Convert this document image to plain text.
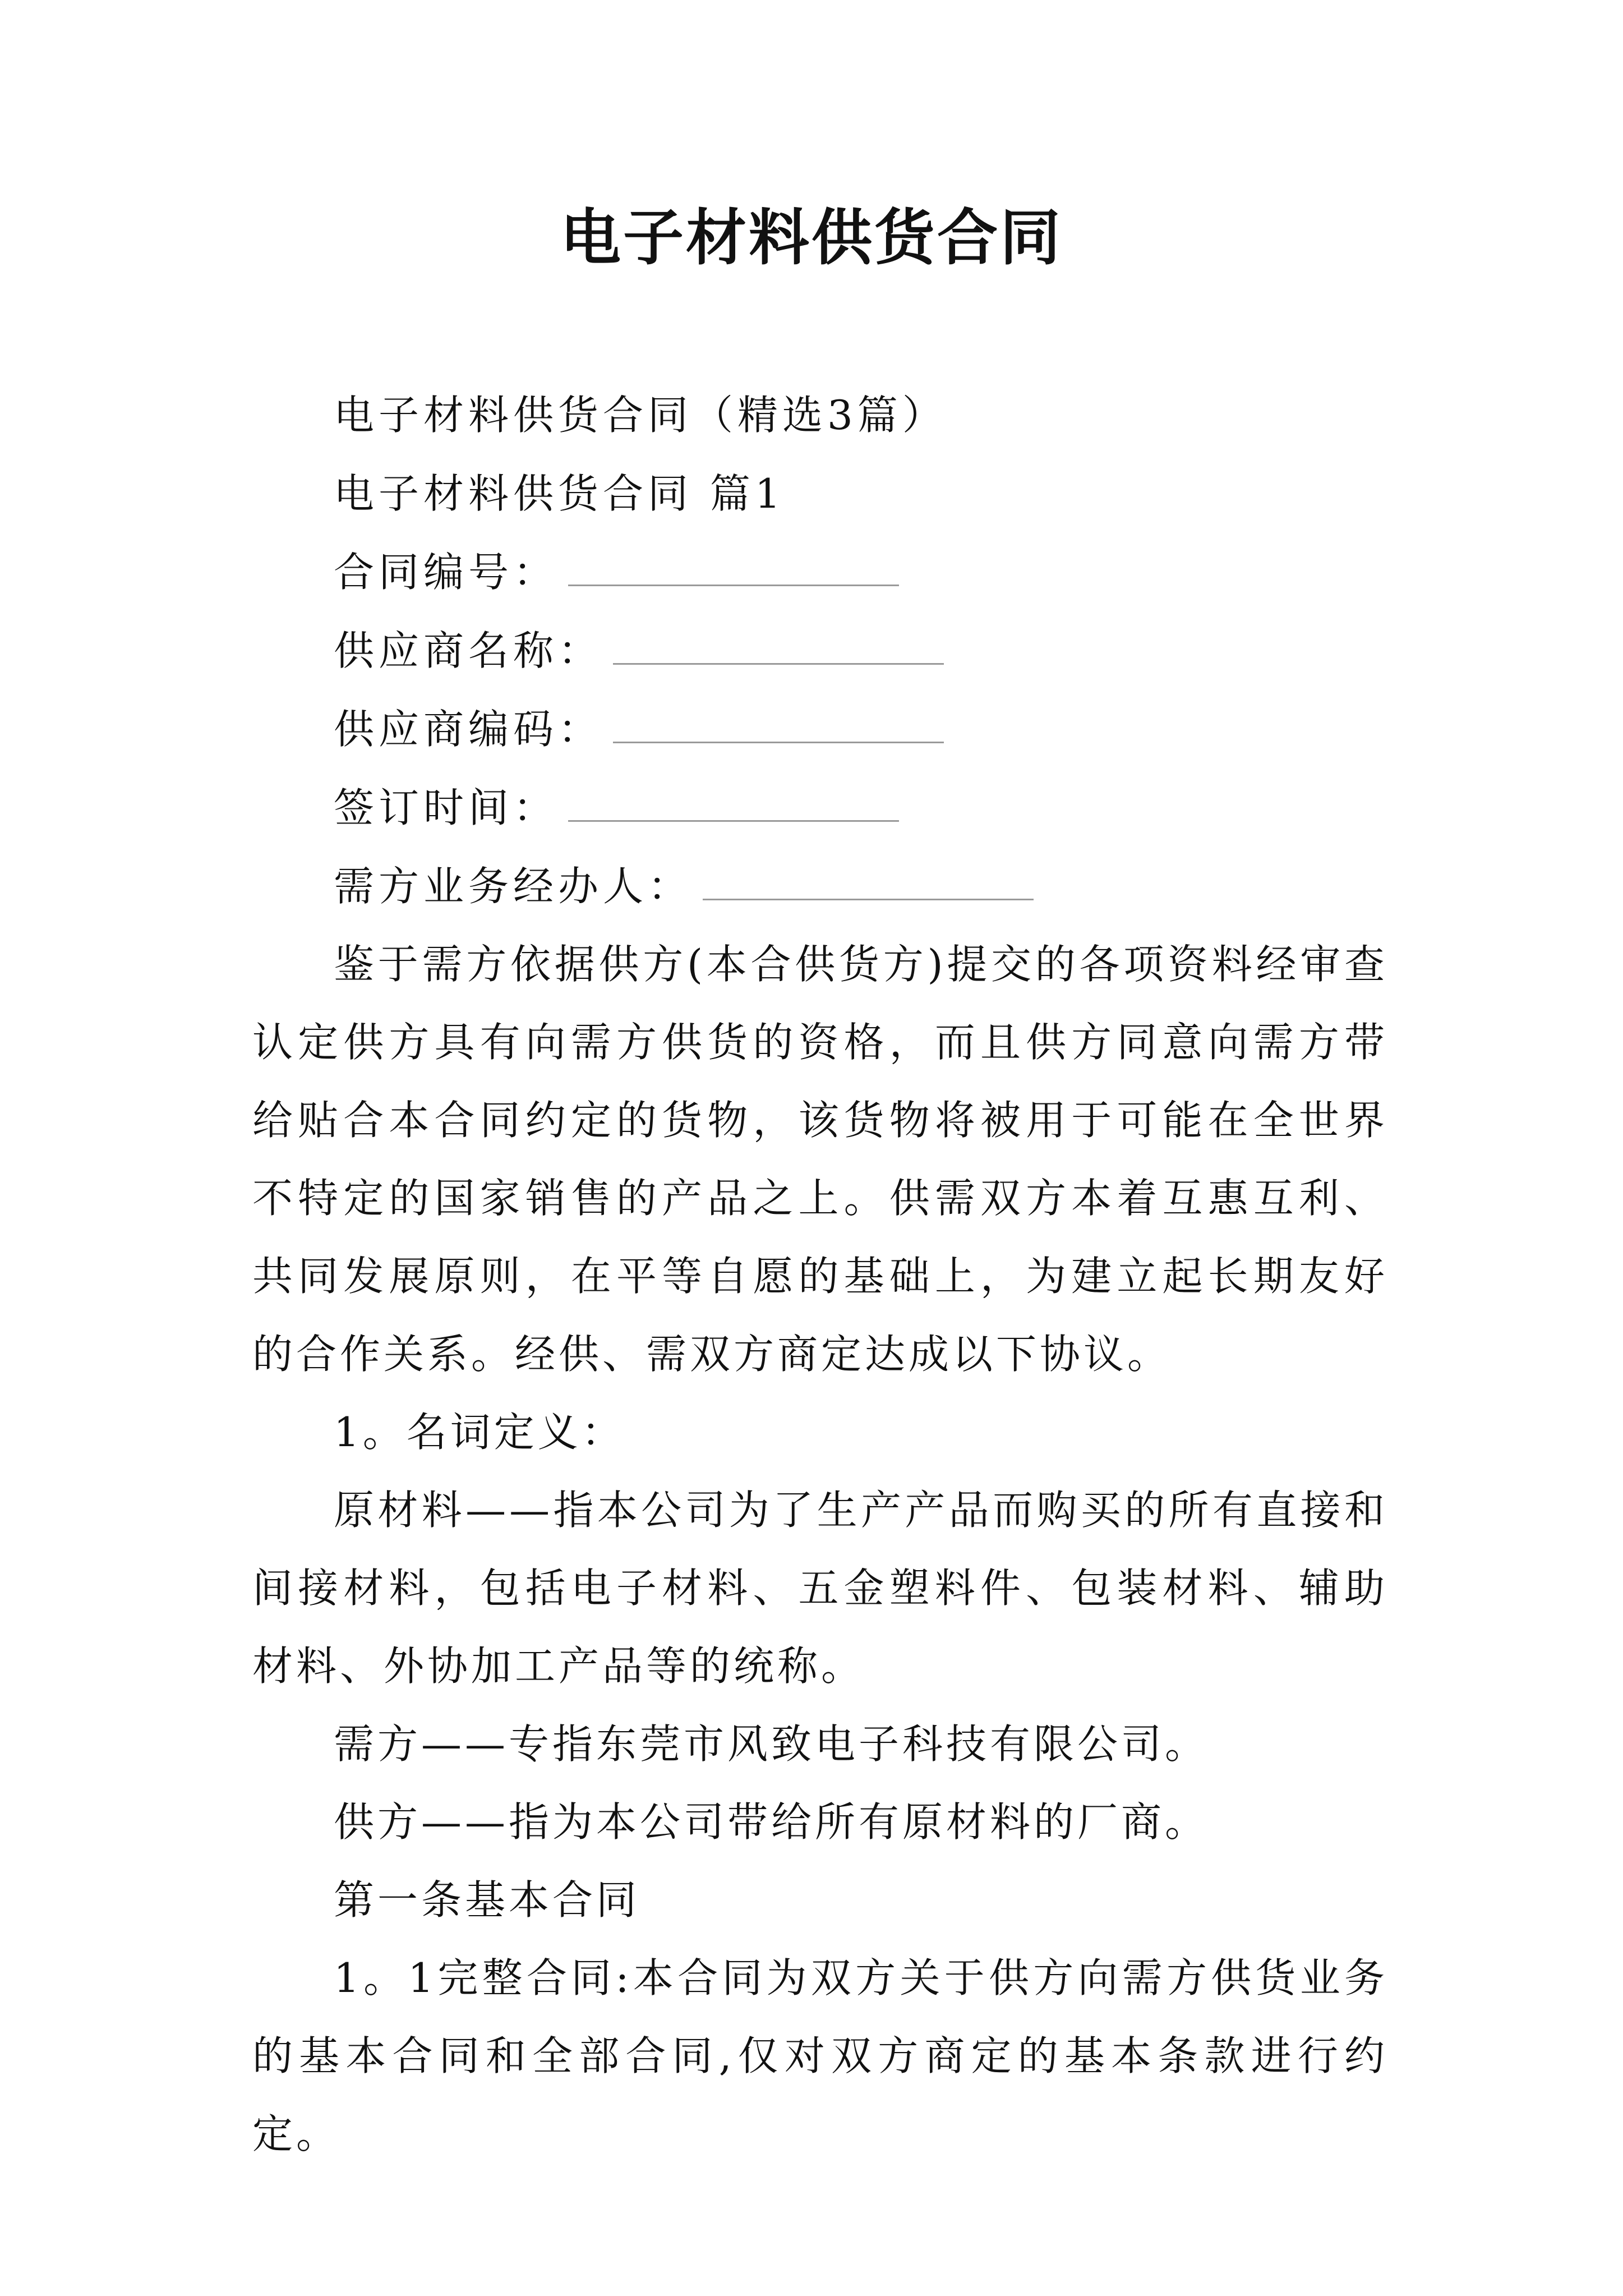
电子材料供货合同
电子材料供货合同（精选3篇）
电子材料供货合同 篇1
合同编号：
供应商名称：
供应商编码：
签订时间：
需方业务经办人：

鉴于需方依据供方(本合供货方)提交的各项资料经审查认定供方具有向需方供货的资格，而且供方同意向需方带给贴合本合同约定的货物，该货物将被用于可能在全世界不特定的国家销售的产品之上。供需双方本着互惠互利、共同发展原则，在平等自愿的基础上，为建立起长期友好的合作关系。经供、需双方商定达成以下协议。

1。名词定义：

原材料——指本公司为了生产产品而购买的所有直接和间接材料，包括电子材料、五金塑料件、包装材料、辅助材料、外协加工产品等的统称。

需方——专指东莞市风致电子科技有限公司。

供方——指为本公司带给所有原材料的厂商。

第一条基本合同

1。1完整合同:本合同为双方关于供方向需方供货业务的基本合同和全部合同,仅对双方商定的基本条款进行约定。
